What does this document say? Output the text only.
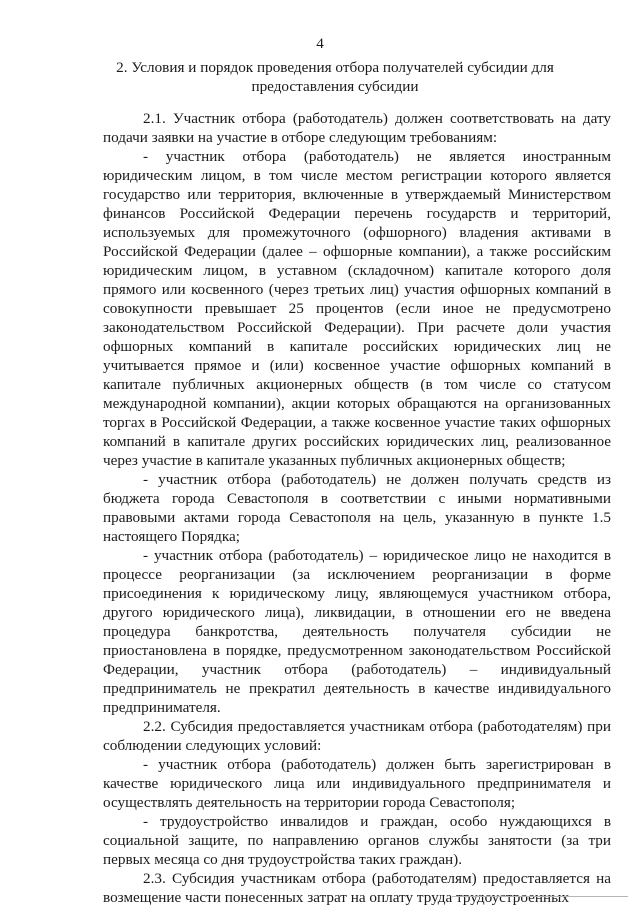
4
2. Условия и порядок проведения отбора получателей субсидии для предоставления субсидии

2.1. Участник отбора (работодатель) должен соответствовать на дату подачи заявки на участие в отборе следующим требованиям:

- участник отбора (работодатель) не является иностранным юридическим лицом, в том числе местом регистрации которого является государство или территория, включенные в утверждаемый Министерством финансов Российской Федерации перечень государств и территорий, используемых для промежуточного (офшорного) владения активами в Российской Федерации (далее – офшорные компании), а также российским юридическим лицом, в уставном (складочном) капитале которого доля прямого или косвенного (через третьих лиц) участия офшорных компаний в совокупности превышает 25 процентов (если иное не предусмотрено законодательством Российской Федерации). При расчете доли участия офшорных компаний в капитале российских юридических лиц не учитывается прямое и (или) косвенное участие офшорных компаний в капитале публичных акционерных обществ (в том числе со статусом международной компании), акции которых обращаются на организованных торгах в Российской Федерации, а также косвенное участие таких офшорных компаний в капитале других российских юридических лиц, реализованное через участие в капитале указанных публичных акционерных обществ;

- участник отбора (работодатель) не должен получать средств из бюджета города Севастополя в соответствии с иными нормативными правовыми актами города Севастополя на цель, указанную в пункте 1.5 настоящего Порядка;

- участник отбора (работодатель) – юридическое лицо не находится в процессе реорганизации (за исключением реорганизации в форме присоединения к юридическому лицу, являющемуся участником отбора, другого юридического лица), ликвидации, в отношении его не введена процедура банкротства, деятельность получателя субсидии не приостановлена в порядке, предусмотренном законодательством Российской Федерации, участник отбора (работодатель) – индивидуальный предприниматель не прекратил деятельность в качестве индивидуального предпринимателя.

2.2. Субсидия предоставляется участникам отбора (работодателям) при соблюдении следующих условий:

- участник отбора (работодатель) должен быть зарегистрирован в качестве юридического лица или индивидуального предпринимателя и осуществлять деятельность на территории города Севастополя;

- трудоустройство инвалидов и граждан, особо нуждающихся в социальной защите, по направлению органов службы занятости (за три первых месяца со дня трудоустройства таких граждан).

2.3. Субсидия участникам отбора (работодателям) предоставляется на возмещение части понесенных затрат на оплату труда трудоустроенных
